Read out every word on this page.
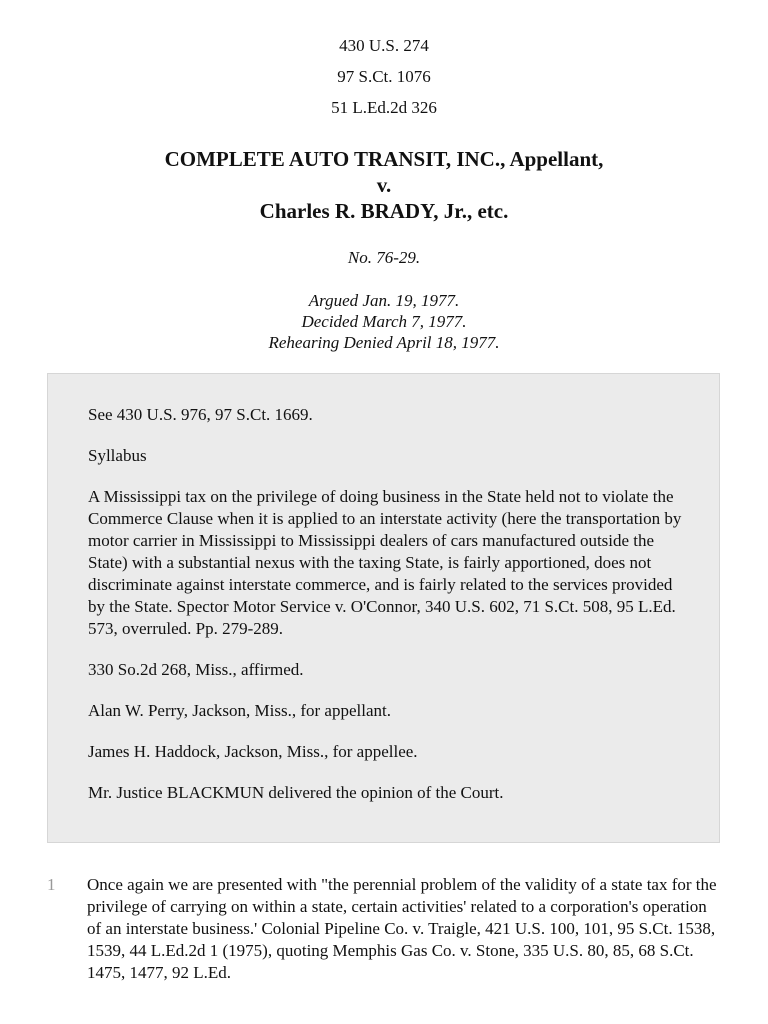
430 U.S. 274
97 S.Ct. 1076
51 L.Ed.2d 326
COMPLETE AUTO TRANSIT, INC., Appellant,
v.
Charles R. BRADY, Jr., etc.
No. 76-29.
Argued Jan. 19, 1977.
Decided March 7, 1977.
Rehearing Denied April 18, 1977.

See 430 U.S. 976, 97 S.Ct. 1669.

Syllabus

A Mississippi tax on the privilege of doing business in the State held not to violate the Commerce Clause when it is applied to an interstate activity (here the transportation by motor carrier in Mississippi to Mississippi dealers of cars manufactured outside the State) with a substantial nexus with the taxing State, is fairly apportioned, does not discriminate against interstate commerce, and is fairly related to the services provided by the State. Spector Motor Service v. O'Connor, 340 U.S. 602, 71 S.Ct. 508, 95 L.Ed. 573, overruled. Pp. 279-289.

330 So.2d 268, Miss., affirmed.

Alan W. Perry, Jackson, Miss., for appellant.

James H. Haddock, Jackson, Miss., for appellee.

Mr. Justice BLACKMUN delivered the opinion of the Court.

1	Once again we are presented with "the perennial problem of the validity of a state tax for the privilege of carrying on within a state, certain activities' related to a corporation's operation of an interstate business.' Colonial Pipeline Co. v. Traigle, 421 U.S. 100, 101, 95 S.Ct. 1538, 1539, 44 L.Ed.2d 1 (1975), quoting Memphis Gas Co. v. Stone, 335 U.S. 80, 85, 68 S.Ct. 1475, 1477, 92 L.Ed.
